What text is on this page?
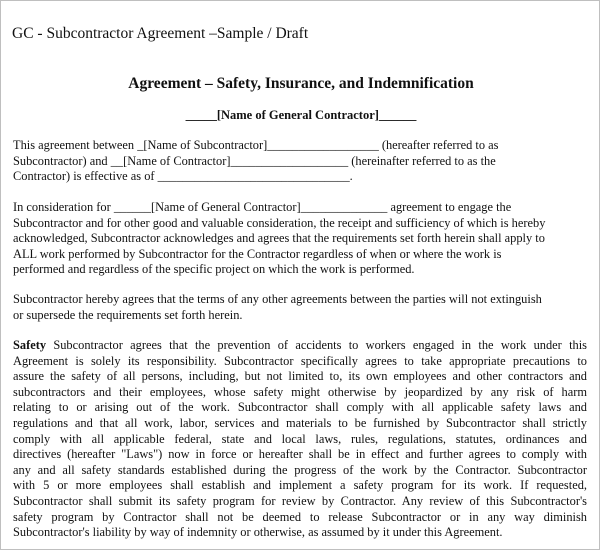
GC - Subcontractor Agreement –Sample / Draft
Agreement – Safety, Insurance, and Indemnification
_____[Name of General Contractor]______

This agreement between _[Name of Subcontractor]__________________ (hereafter referred to as
Subcontractor) and __[Name of Contractor]___________________ (hereinafter referred to as the
Contractor) is effective as of _______________________________.

In consideration for ______[Name of General Contractor]______________ agreement to engage the
Subcontractor and for other good and valuable consideration, the receipt and sufficiency of which is hereby
acknowledged, Subcontractor acknowledges and agrees that the requirements set forth herein shall apply to
ALL work performed by Subcontractor for the Contractor regardless of when or where the work is
performed and regardless of the specific project on which the work is performed.

Subcontractor hereby agrees that the terms of any other agreements between the parties will not extinguish
or supersede the requirements set forth herein.

Safety Subcontractor agrees that the prevention of accidents to workers engaged in the work under this
Agreement is solely its responsibility. Subcontractor specifically agrees to take appropriate precautions to
assure the safety of all persons, including, but not limited to, its own employees and other contractors and
subcontractors and their employees, whose safety might otherwise by jeopardized by any risk of harm
relating to or arising out of the work. Subcontractor shall comply with all applicable safety laws and
regulations and that all work, labor, services and materials to be furnished by Subcontractor shall strictly
comply with all applicable federal, state and local laws, rules, regulations, statutes, ordinances and
directives (hereafter "Laws") now in force or hereafter shall be in effect and further agrees to comply with
any and all safety standards established during the progress of the work by the Contractor. Subcontractor
with 5 or more employees shall establish and implement a safety program for its work. If requested,
Subcontractor shall submit its safety program for review by Contractor. Any review of this Subcontractor's
safety program by Contractor shall not be deemed to release Subcontractor or in any way diminish
Subcontractor's liability by way of indemnity or otherwise, as assumed by it under this Agreement.
